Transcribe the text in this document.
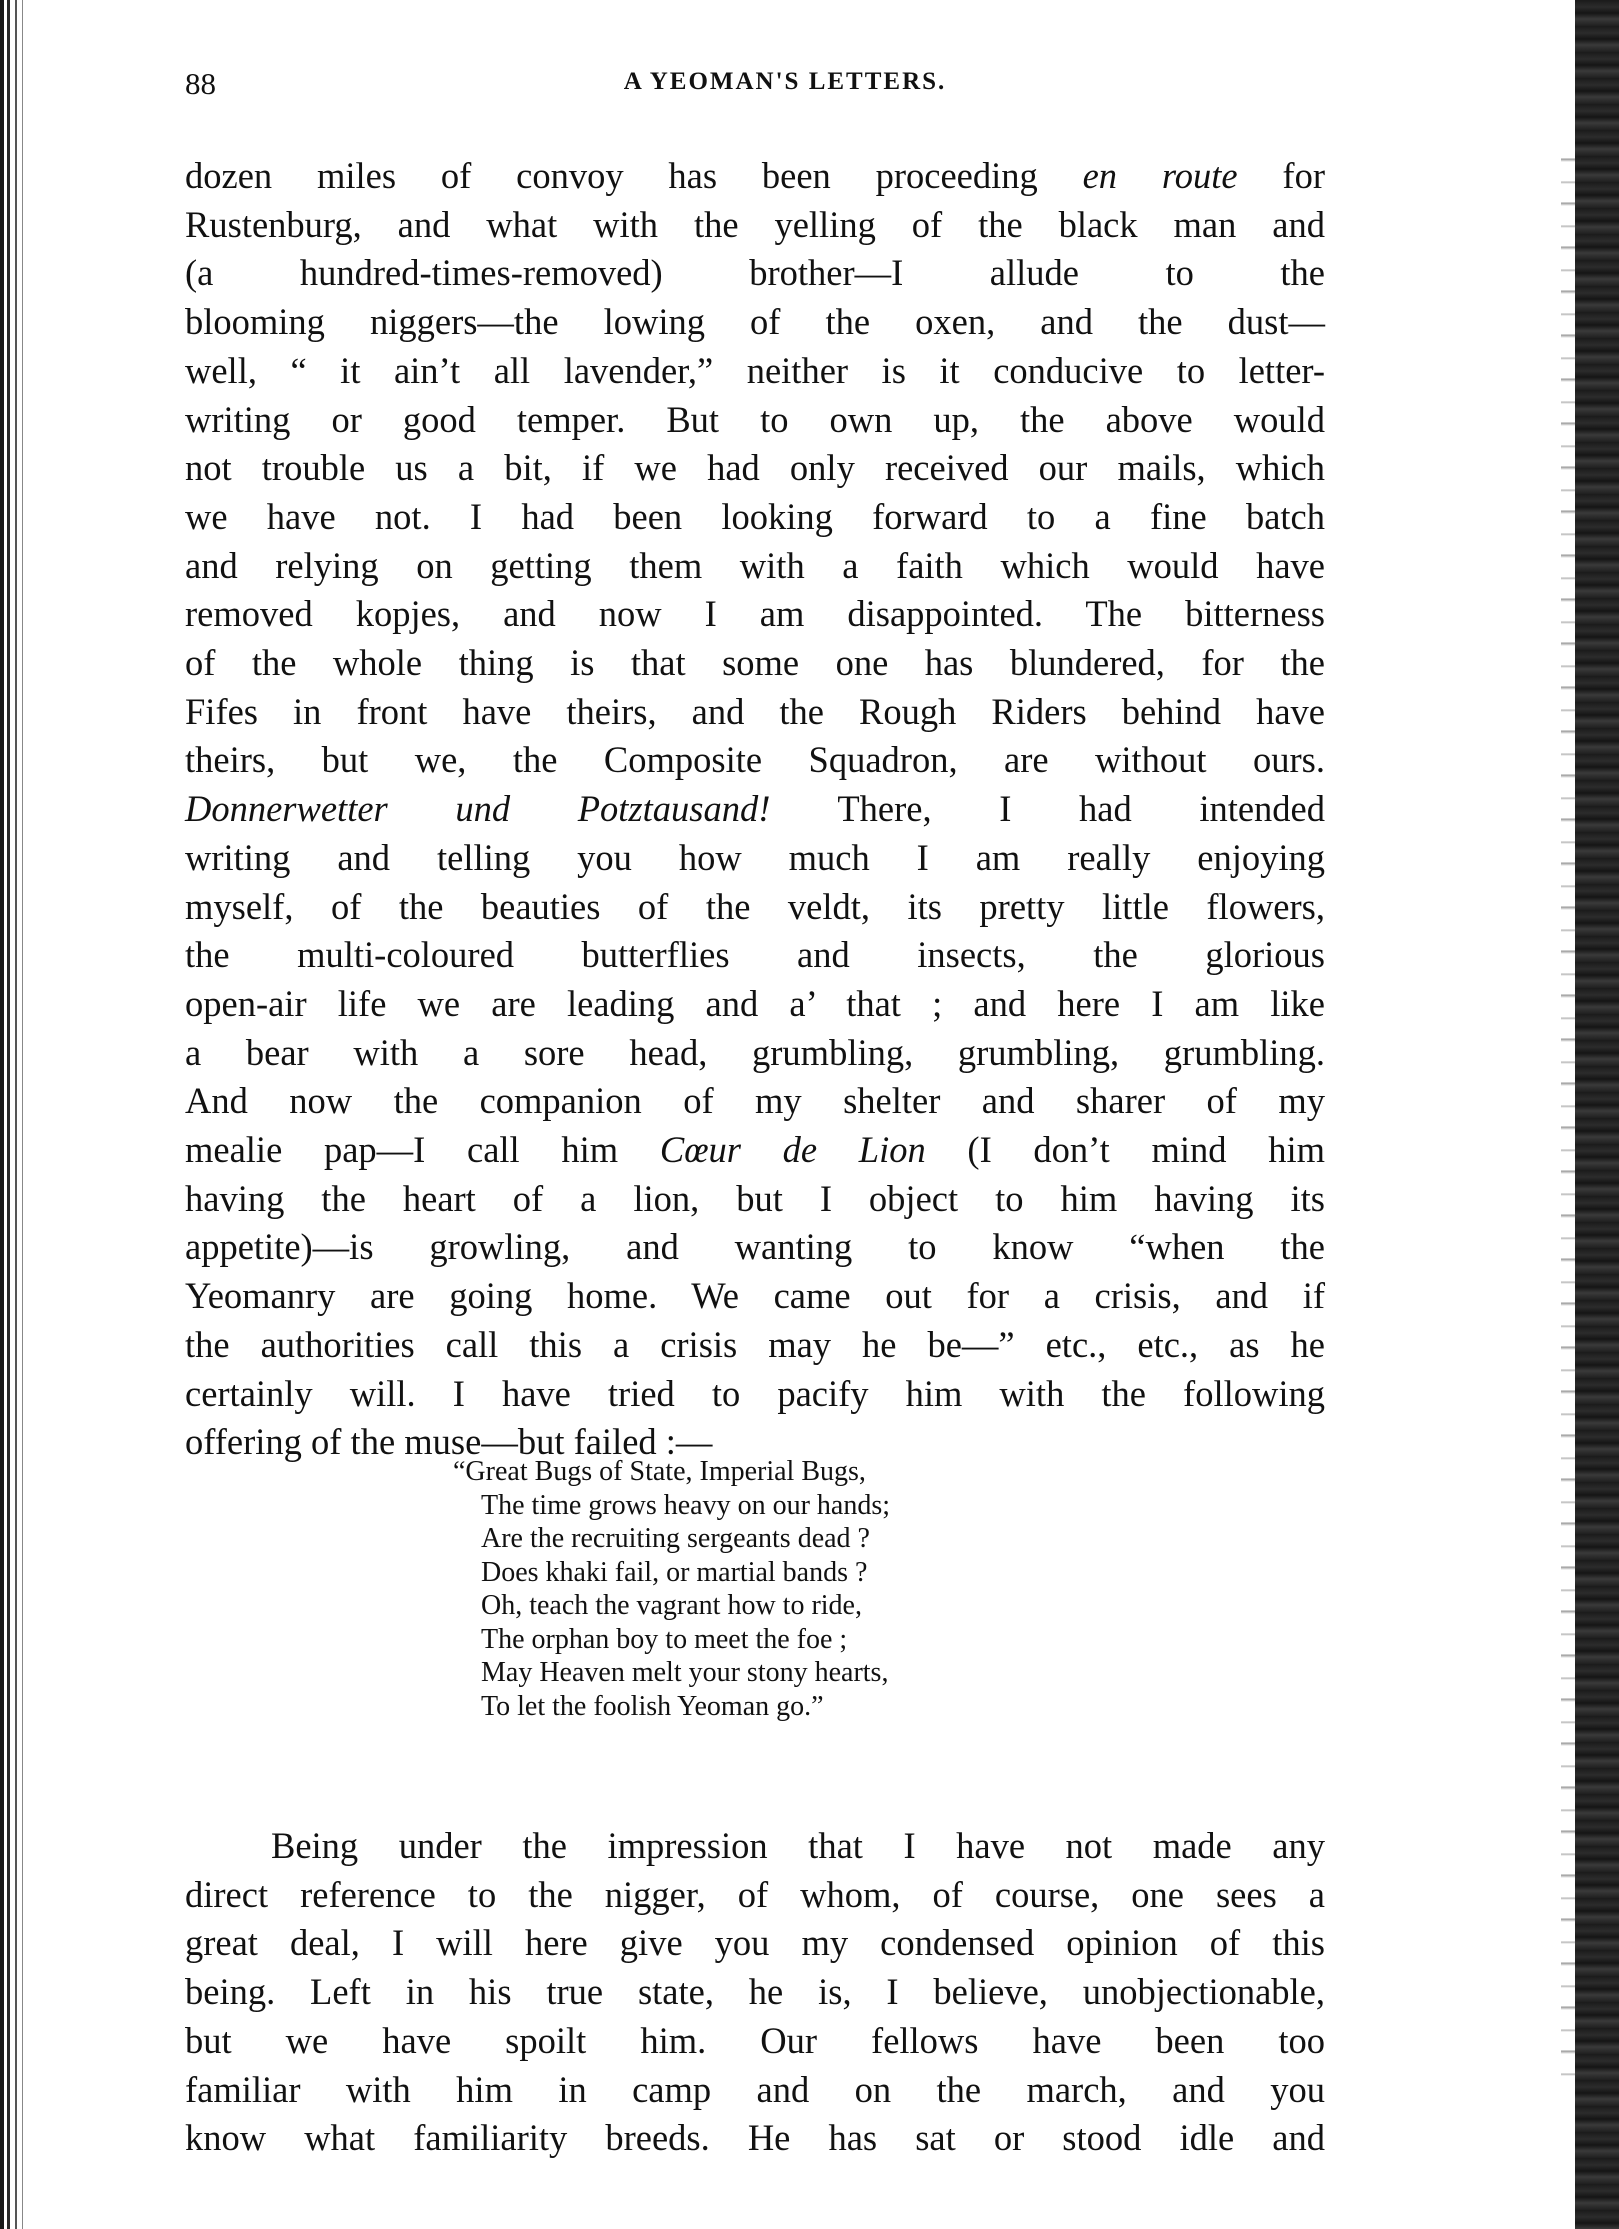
88	A YEOMAN'S LETTERS.
dozen miles of convoy has been proceeding en route for
Rustenburg, and what with the yelling of the black man and
(a hundred-times-removed) brother—I allude to the
blooming niggers—the lowing of the oxen, and the dust—
well, “ it ain’t all lavender,” neither is it conducive to letter-
writing or good temper. But to own up, the above would
not trouble us a bit, if we had only received our mails, which
we have not. I had been looking forward to a fine batch
and relying on getting them with a faith which would have
removed kopjes, and now I am disappointed. The bitterness
of the whole thing is that some one has blundered, for the
Fifes in front have theirs, and the Rough Riders behind have
theirs, but we, the Composite Squadron, are without ours.
Donnerwetter und Potztausand! There, I had intended
writing and telling you how much I am really enjoying
myself, of the beauties of the veldt, its pretty little flowers,
the multi-coloured butterflies and insects, the glorious
open-air life we are leading and a’ that ; and here I am like
a bear with a sore head, grumbling, grumbling, grumbling.
And now the companion of my shelter and sharer of my
mealie pap—I call him Cœur de Lion (I don’t mind him
having the heart of a lion, but I object to him having its
appetite)—is growling, and wanting to know “when the
Yeomanry are going home. We came out for a crisis, and if
the authorities call this a crisis may he be—” etc., etc., as he
certainly will. I have tried to pacify him with the following
offering of the muse—but failed :—
“Great Bugs of State, Imperial Bugs,
The time grows heavy on our hands;
Are the recruiting sergeants dead ?
Does khaki fail, or martial bands ?
Oh, teach the vagrant how to ride,
The orphan boy to meet the foe ;
May Heaven melt your stony hearts,
To let the foolish Yeoman go.”
Being under the impression that I have not made any
direct reference to the nigger, of whom, of course, one sees a
great deal, I will here give you my condensed opinion of this
being. Left in his true state, he is, I believe, unobjectionable,
but we have spoilt him. Our fellows have been too
familiar with him in camp and on the march, and you
know what familiarity breeds. He has sat or stood idle and
